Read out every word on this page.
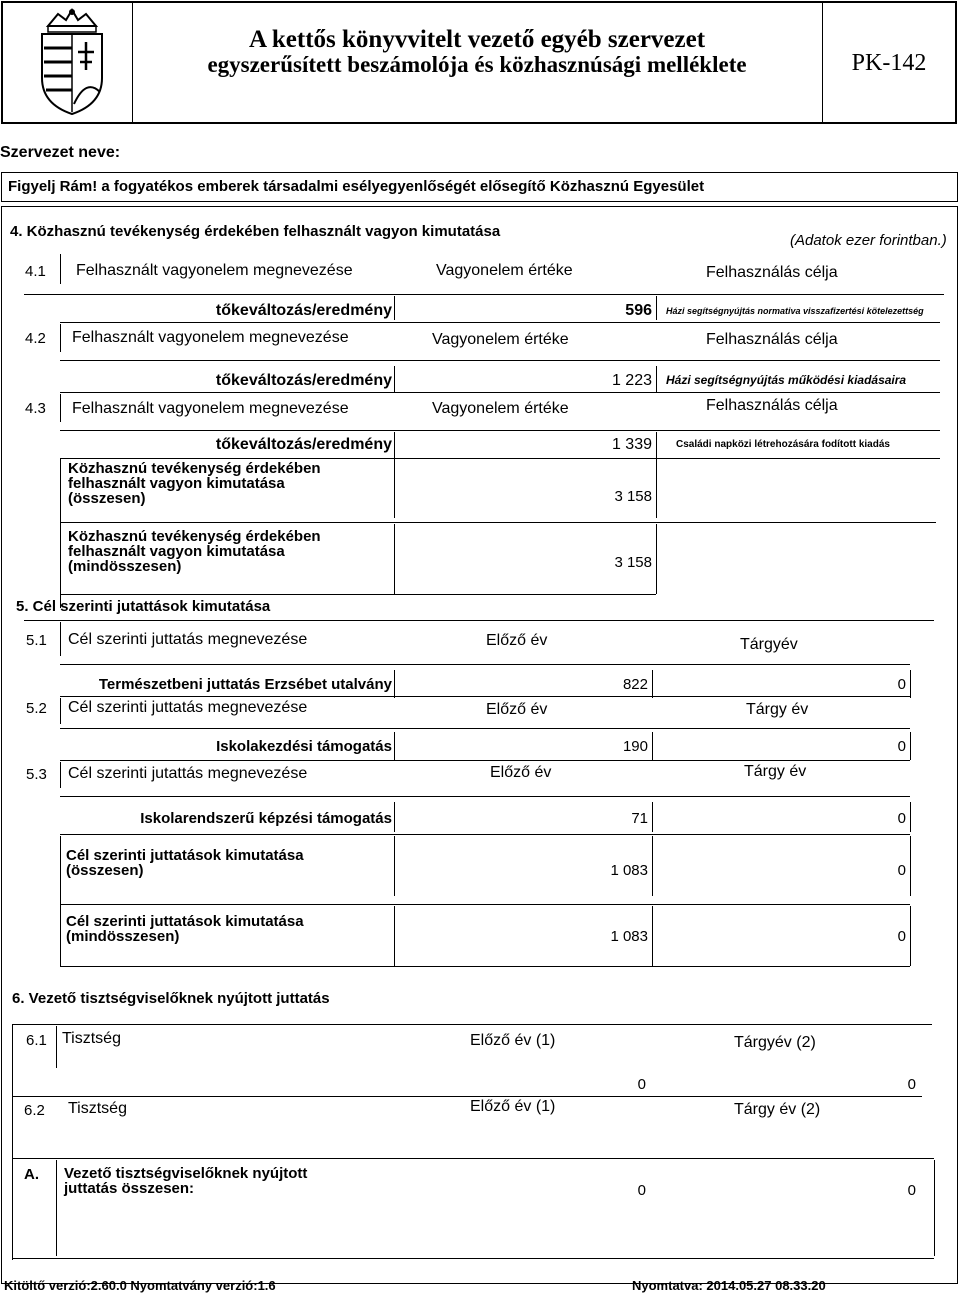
A kettős könyvvitelt vezető egyéb szervezet
egyszerűsített beszámolója és közhasznúsági melléklete	PK-142
Szervezet neve:
Figyelj Rám! a fogyatékos emberek társadalmi esélyegyenlőségét elősegítő Közhasznú Egyesület
4. Közhasznú tevékenység érdekében felhasznált vagyon kimutatása
(Adatok ezer forintban.)
4.1 Felhasznált vagyonelem megnevezése	Vagyonelem értéke	Felhasználás célja
tőkeváltozás/eredmény	596 Házi segítségnyújtás normativa visszafizertési kötelezettség
4.2 Felhasznált vagyonelem megnevezése	Vagyonelem értéke	Felhasználás célja
tőkeváltozás/eredmény	1 223 Házi segítségnyújtás működési kiadásaira
4.3 Felhasznált vagyonelem megnevezése	Vagyonelem értéke	Felhasználás célja
tőkeváltozás/eredmény	1 339 Családi napközi létrehozására fodított kiadás
Közhasznú tevékenység érdekében
felhasznált vagyon kimutatása
(összesen)	3 158
Közhasznú tevékenység érdekében
felhasznált vagyon kimutatása
(mindösszesen)	3 158
5. Cél szerinti jutattások kimutatása
5.1 Cél szerinti juttatás megnevezése	Előző év	Tárgyév
Természetbeni juttatás Erzsébet utalvány	822	0
5.2 Cél szerinti juttatás megnevezése	Előző év	Tárgy év
Iskolakezdési támogatás	190	0
5.3 Cél szerinti jutattás megnevezése	Előző év	Tárgy év
Iskolarendszerű képzési támogatás	71	0
Cél szerinti juttatások kimutatása
(összesen)	1 083	0
Cél szerinti juttatások kimutatása
(mindösszesen)	1 083	0
6. Vezető tisztségviselőknek nyújtott juttatás
6.1 Tisztség	Előző év (1)	Tárgyév (2)
0	0
6.2 Tisztség	Előző év (1)	Tárgy év (2)
A. Vezető tisztségviselőknek nyújtott
juttatás összesen:	0	0
Kitöltő verzió:2.60.0 Nyomtatvány verzió:1.6	Nyomtatva: 2014.05.27 08.33.20
